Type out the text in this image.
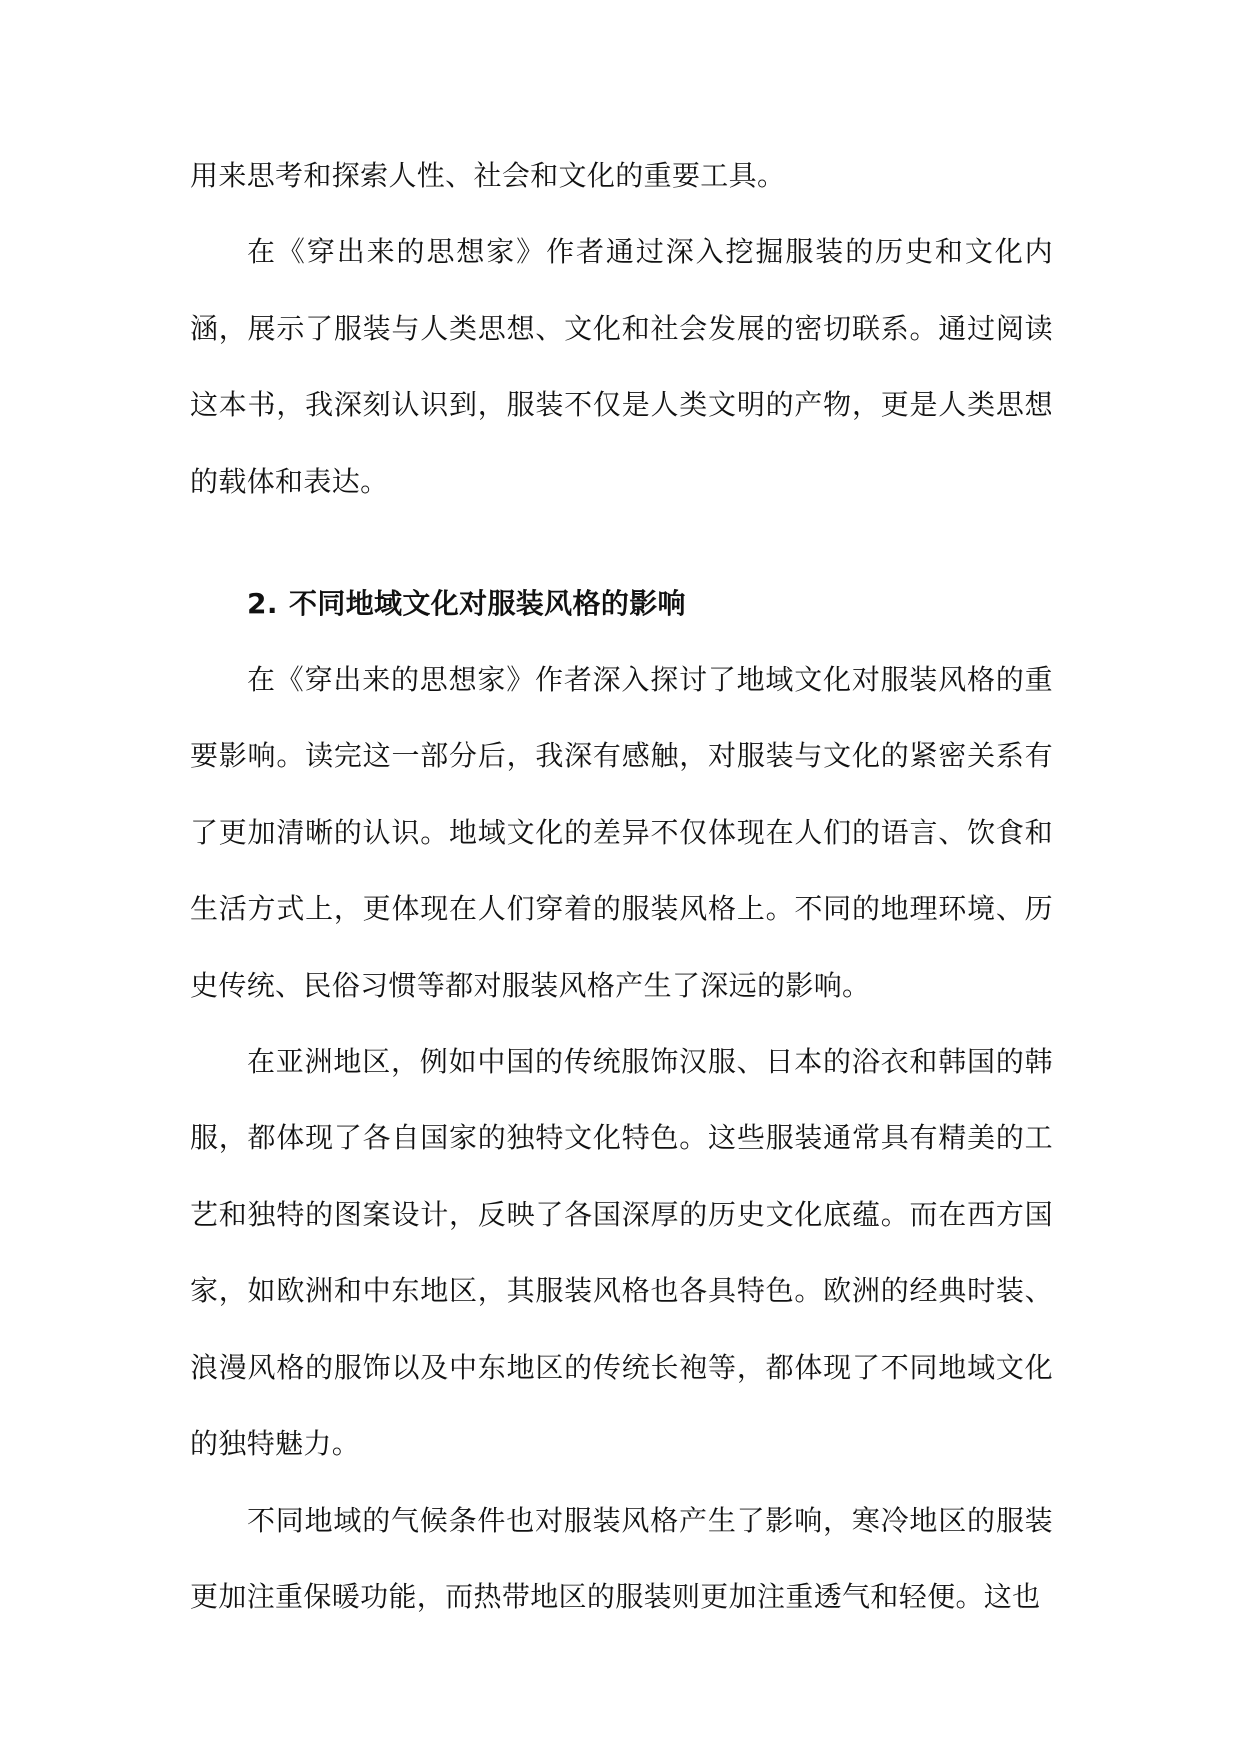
用来思考和探索人性、社会和文化的重要工具。

在《穿出来的思想家》作者通过深入挖掘服装的历史和文化内涵，展示了服装与人类思想、文化和社会发展的密切联系。通过阅读这本书，我深刻认识到，服装不仅是人类文明的产物，更是人类思想的载体和表达。

2. 不同地域文化对服装风格的影响

在《穿出来的思想家》作者深入探讨了地域文化对服装风格的重要影响。读完这一部分后，我深有感触，对服装与文化的紧密关系有了更加清晰的认识。地域文化的差异不仅体现在人们的语言、饮食和生活方式上，更体现在人们穿着的服装风格上。不同的地理环境、历史传统、民俗习惯等都对服装风格产生了深远的影响。

在亚洲地区，例如中国的传统服饰汉服、日本的浴衣和韩国的韩服，都体现了各自国家的独特文化特色。这些服装通常具有精美的工艺和独特的图案设计，反映了各国深厚的历史文化底蕴。而在西方国家，如欧洲和中东地区，其服装风格也各具特色。欧洲的经典时装、浪漫风格的服饰以及中东地区的传统长袍等，都体现了不同地域文化的独特魅力。

不同地域的气候条件也对服装风格产生了影响，寒冷地区的服装更加注重保暖功能，而热带地区的服装则更加注重透气和轻便。这也
